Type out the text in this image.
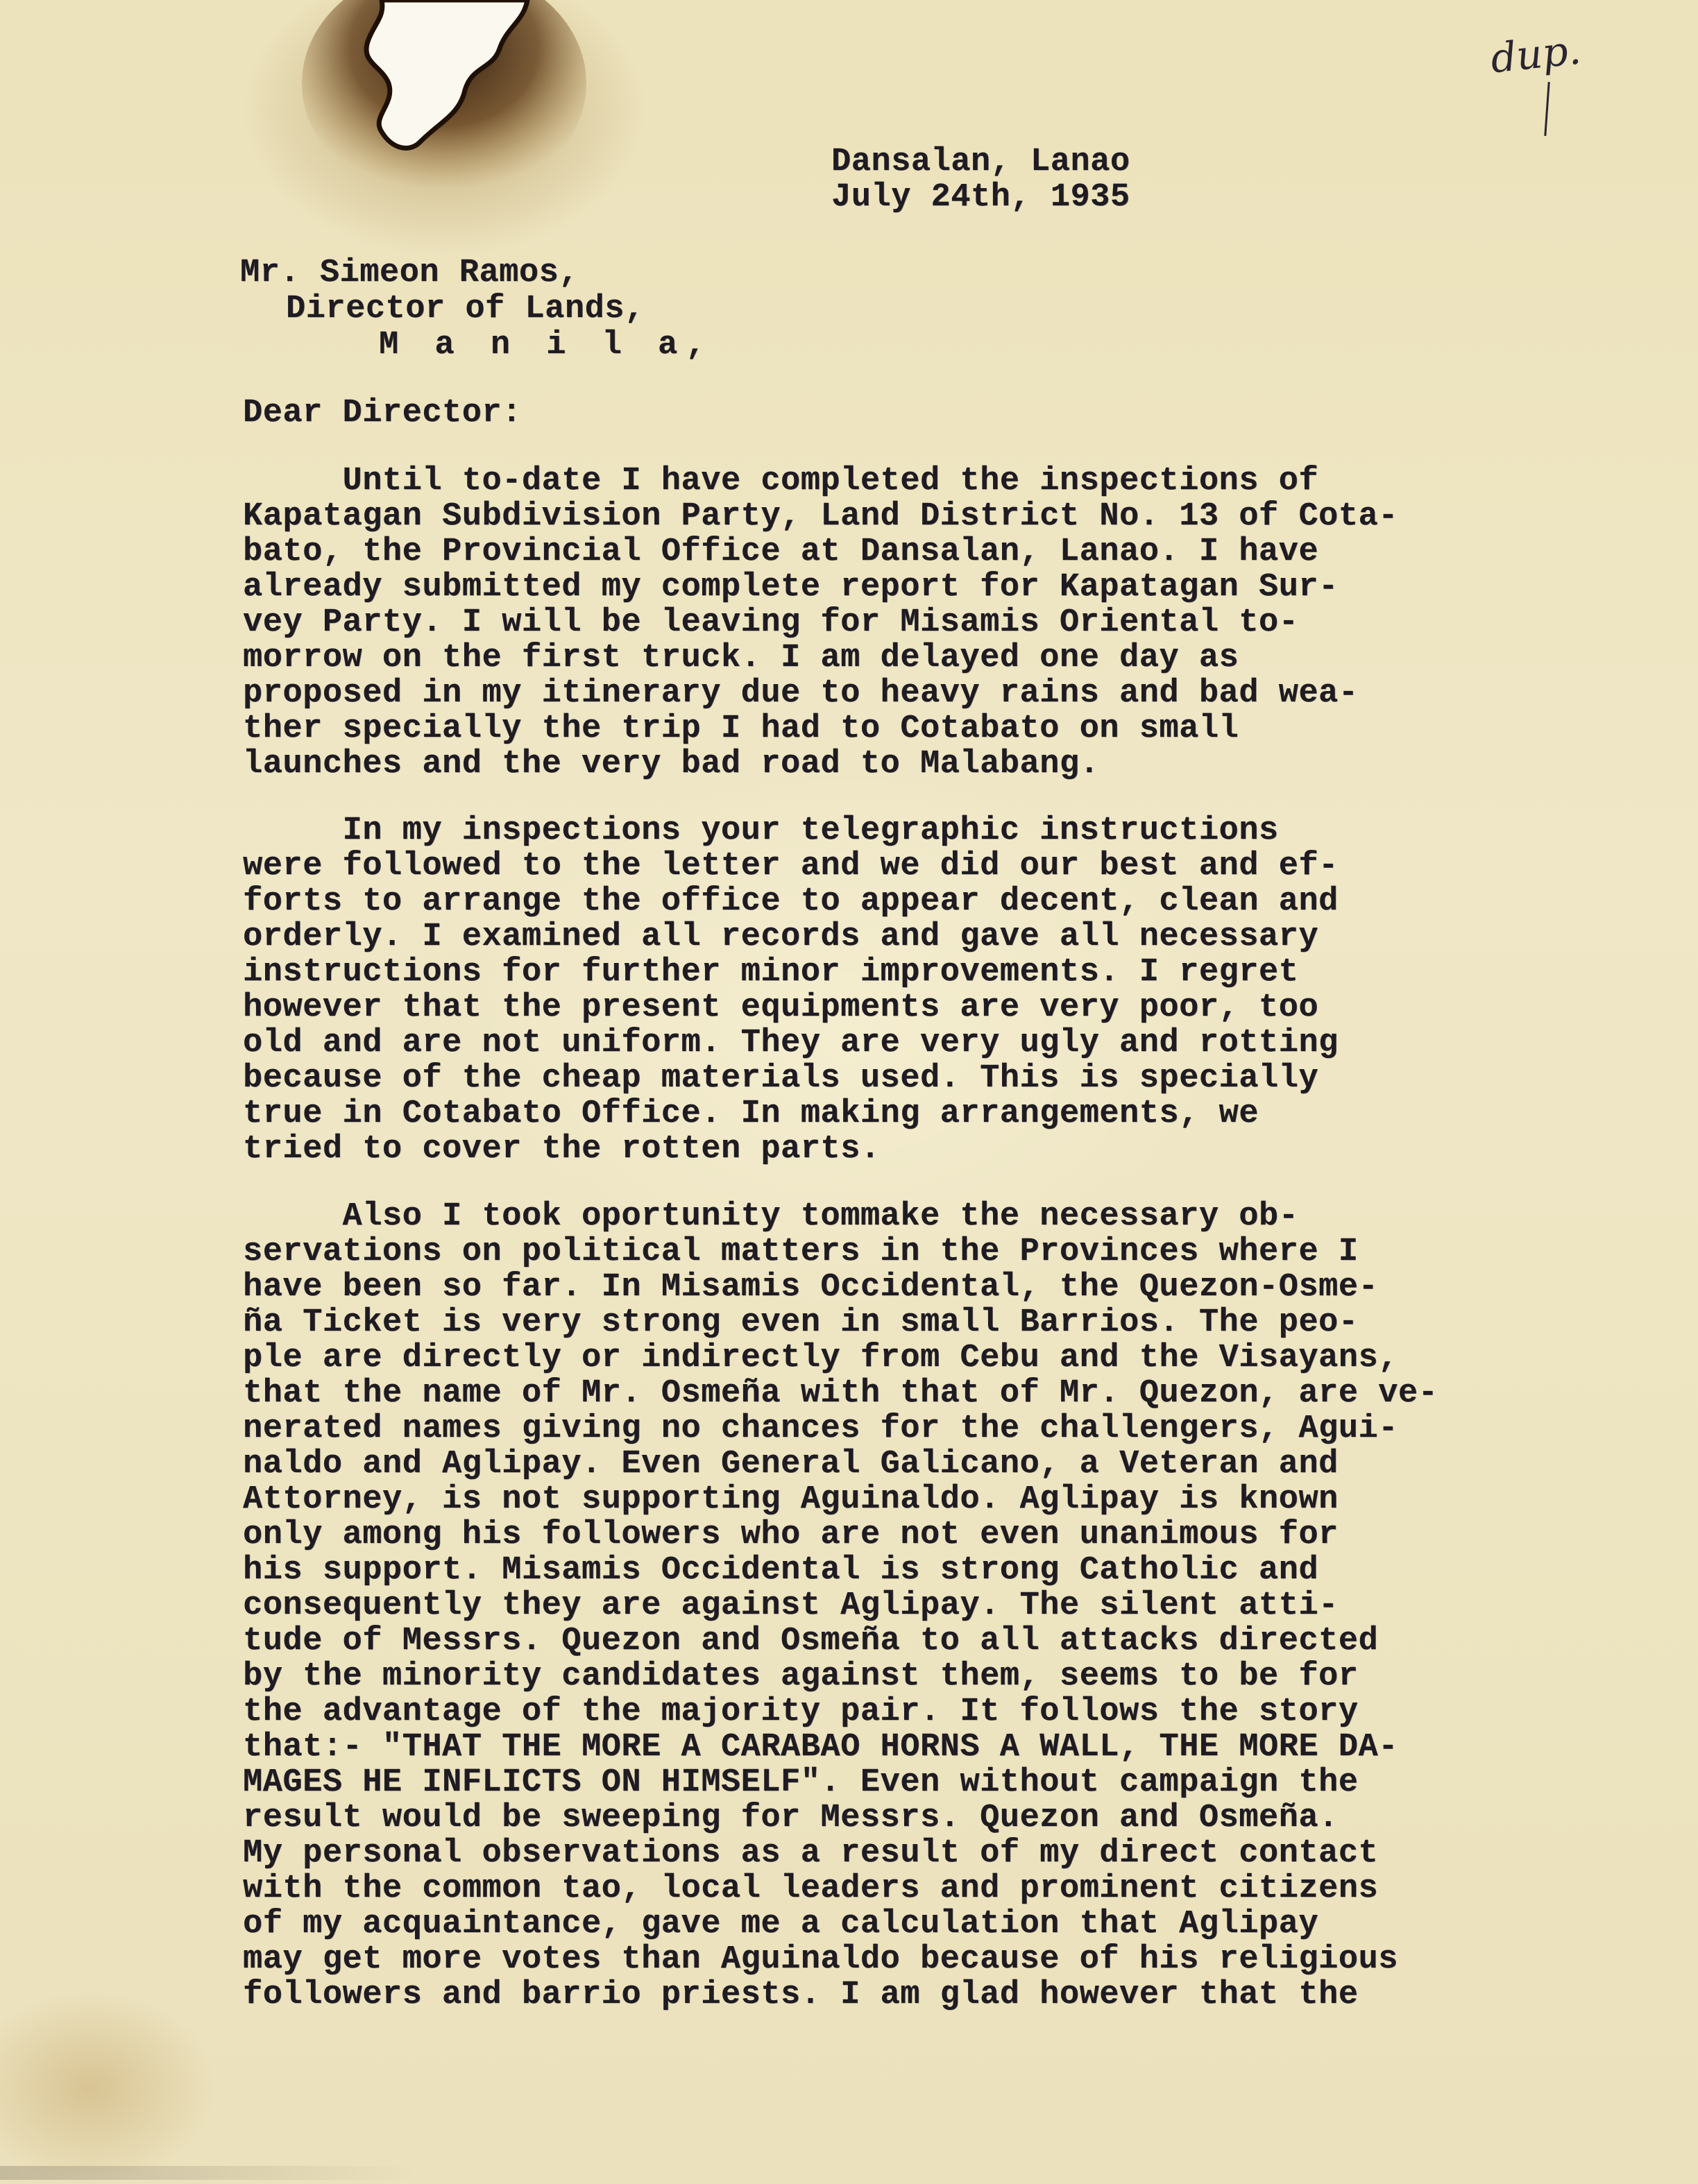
dup.
Dansalan, Lanao
July 24th, 1935
Mr. Simeon Ramos,
Director of Lands,
M a n i l a,
Dear Director:
Until to-date I have completed the inspections of
Kapatagan Subdivision Party, Land District No. 13 of Cota-
bato, the Provincial Office at Dansalan, Lanao. I have
already submitted my complete report for Kapatagan Sur-
vey Party. I will be leaving for Misamis Oriental to-
morrow on the first truck. I am delayed one day as
proposed in my itinerary due to heavy rains and bad wea-
ther specially the trip I had to Cotabato on small
launches and the very bad road to Malabang.
In my inspections your telegraphic instructions
were followed to the letter and we did our best and ef-
forts to arrange the office to appear decent, clean and
orderly. I examined all records and gave all necessary
instructions for further minor improvements. I regret
however that the present equipments are very poor, too
old and are not uniform. They are very ugly and rotting
because of the cheap materials used. This is specially
true in Cotabato Office. In making arrangements, we
tried to cover the rotten parts.
Also I took oportunity tommake the necessary ob-
servations on political matters in the Provinces where I
have been so far. In Misamis Occidental, the Quezon-Osme-
ña Ticket is very strong even in small Barrios. The peo-
ple are directly or indirectly from Cebu and the Visayans,
that the name of Mr. Osmeña with that of Mr. Quezon, are ve-
nerated names giving no chances for the challengers, Agui-
naldo and Aglipay. Even General Galicano, a Veteran and
Attorney, is not supporting Aguinaldo. Aglipay is known
only among his followers who are not even unanimous for
his support. Misamis Occidental is strong Catholic and
consequently they are against Aglipay. The silent atti-
tude of Messrs. Quezon and Osmeña to all attacks directed
by the minority candidates against them, seems to be for
the advantage of the majority pair. It follows the story
that:- "THAT THE MORE A CARABAO HORNS A WALL, THE MORE DA-
MAGES HE INFLICTS ON HIMSELF". Even without campaign the
result would be sweeping for Messrs. Quezon and Osmeña.
My personal observations as a result of my direct contact
with the common tao, local leaders and prominent citizens
of my acquaintance, gave me a calculation that Aglipay
may get more votes than Aguinaldo because of his religious
followers and barrio priests. I am glad however that the
